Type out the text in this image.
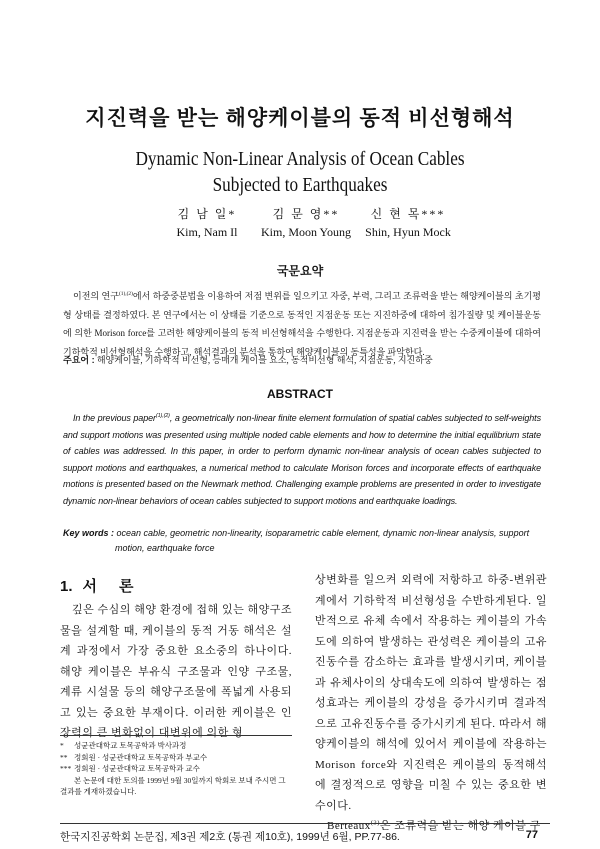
지진력을 받는 해양케이블의 동적 비선형해석
Dynamic Non-Linear Analysis of Ocean Cables
Subjected to Earthquakes
김 남 일*
Kim, Nam Il
김 문 영**
Kim, Moon Young
신 현 목***
Shin, Hyun Mock
국문요약
이전의 연구$^{(1),(2)}$에서 하중중분법을 이용하여 저점 변위를 일으키고 자중, 부력, 그리고 조류력을 받는 해양케이블의 초기평형 상태를 결정하였다. 본 연구에서는 이 상태를 기준으로 동적인 지점운동 또는 지진하중에 대하여 침가질량 및 케이블운동에 의한 Morison force를 고려한 해양케이블의 동적 비선형해석을 수행한다. 지점운동과 지진력을 받는 수중케이블에 대하여 기하학적 비선형해석을 수행하고, 해석결과의 분석을 통하여 해양케이블의 동특성을 파악한다.
주요어 : 해양케이블, 기하학적 비선형, 등매개 케이블 요소, 동적비선형 해석, 지점운동, 지진하중
ABSTRACT
In the previous paper$^{(1),(2)}$, a geometrically non-linear finite element formulation of spatial cables subjected to self-weights and support motions was presented using multiple noded cable elements and how to determine the initial equilibrium state of cables was addressed. In this paper, in order to perform dynamic non-linear analysis of ocean cables subjected to support motions and earthquakes, a numerical method to calculate Morison forces and incorporate effects of earthquake motions is presented based on the Newmark method. Challenging example problems are presented in order to investigate dynamic non-linear behaviors of ocean cables subjected to support motions and earthquake loadings.
Key words : ocean cable, geometric non-linearity, isoparametric cable element, dynamic non-linear analysis, support
motion, earthquake force
1. 서 론
깊은 수심의 해양 환경에 접해 있는 해양구조물을 설계할 때, 케이블의 동적 거동 해석은 설계 과정에서 가장 중요한 요소중의 하나이다. 해양 케이블은 부유식 구조물과 인양 구조물, 계류 시설물 등의 해양구조물에 폭넓게 사용되고 있는 중요한 부재이다. 이러한 케이블은 인장력의 큰 변화없이 대변위에 의한 형

상변화를 일으켜 외력에 저항하고 하중-변위관계에서 기하학적 비선형성을 수반하게된다. 일반적으로 유체 속에서 작용하는 케이블의 가속도에 의하여 발생하는 관성력은 케이블의 고유진동수를 감소하는 효과를 발생시키며, 케이블과 유체사이의 상대속도에 의하여 발생하는 점성효과는 케이블의 강성을 증가시키며 결과적으로 고유진동수를 증가시키게 된다. 따라서 해양케이블의 해석에 있어서 케이블에 작용하는 Morison force와 지진력은 케이블의 동적해석에 결정적으로 영향을 미칠 수 있는 중요한 변수이다.

Berteaux$^{(3)}$은 조류력을 받는 해양 케이블 구

* 성균관대학교 토목공학과 박사과정
** 정회원 · 성균관대학교 토목공학과 부교수
*** 정회원 · 성균관대학교 토목공학과 교수
본 논문에 대한 토의를 1999년 9월 30일까지 학회로 보내 주시면 그 결과를 게재하겠습니다.
한국지진공학회 논문집, 제3권 제2호 (통권 제10호), 1999년 6월, PP.77-86.	77
